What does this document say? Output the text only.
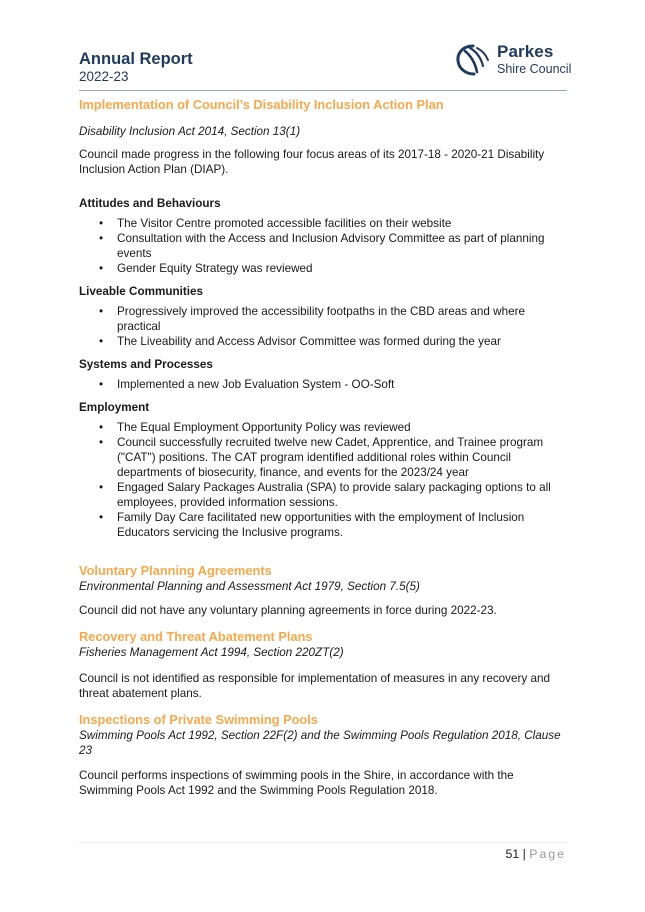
Annual Report
2022-23
Parkes
Shire Council
Implementation of Council’s Disability Inclusion Action Plan

Disability Inclusion Act 2014, Section 13(1)

Council made progress in the following four focus areas of its 2017-18 - 2020-21 Disability Inclusion Action Plan (DIAP).

Attitudes and Behaviours

• The Visitor Centre promoted accessible facilities on their website
• Consultation with the Access and Inclusion Advisory Committee as part of planning events
• Gender Equity Strategy was reviewed

Liveable Communities

• Progressively improved the accessibility footpaths in the CBD areas and where practical
• The Liveability and Access Advisor Committee was formed during the year

Systems and Processes

• Implemented a new Job Evaluation System - OO-Soft

Employment

• The Equal Employment Opportunity Policy was reviewed
• Council successfully recruited twelve new Cadet, Apprentice, and Trainee program ("CAT") positions. The CAT program identified additional roles within Council departments of biosecurity, finance, and events for the 2023/24 year
• Engaged Salary Packages Australia (SPA) to provide salary packaging options to all employees, provided information sessions.
• Family Day Care facilitated new opportunities with the employment of Inclusion Educators servicing the Inclusive programs.
Voluntary Planning Agreements

Environmental Planning and Assessment Act 1979, Section 7.5(5)

Council did not have any voluntary planning agreements in force during 2022-23.

Recovery and Threat Abatement Plans

Fisheries Management Act 1994, Section 220ZT(2)

Council is not identified as responsible for implementation of measures in any recovery and threat abatement plans.

Inspections of Private Swimming Pools

Swimming Pools Act 1992, Section 22F(2) and the Swimming Pools Regulation 2018, Clause 23

Council performs inspections of swimming pools in the Shire, in accordance with the Swimming Pools Act 1992 and the Swimming Pools Regulation 2018.

51 | Page
